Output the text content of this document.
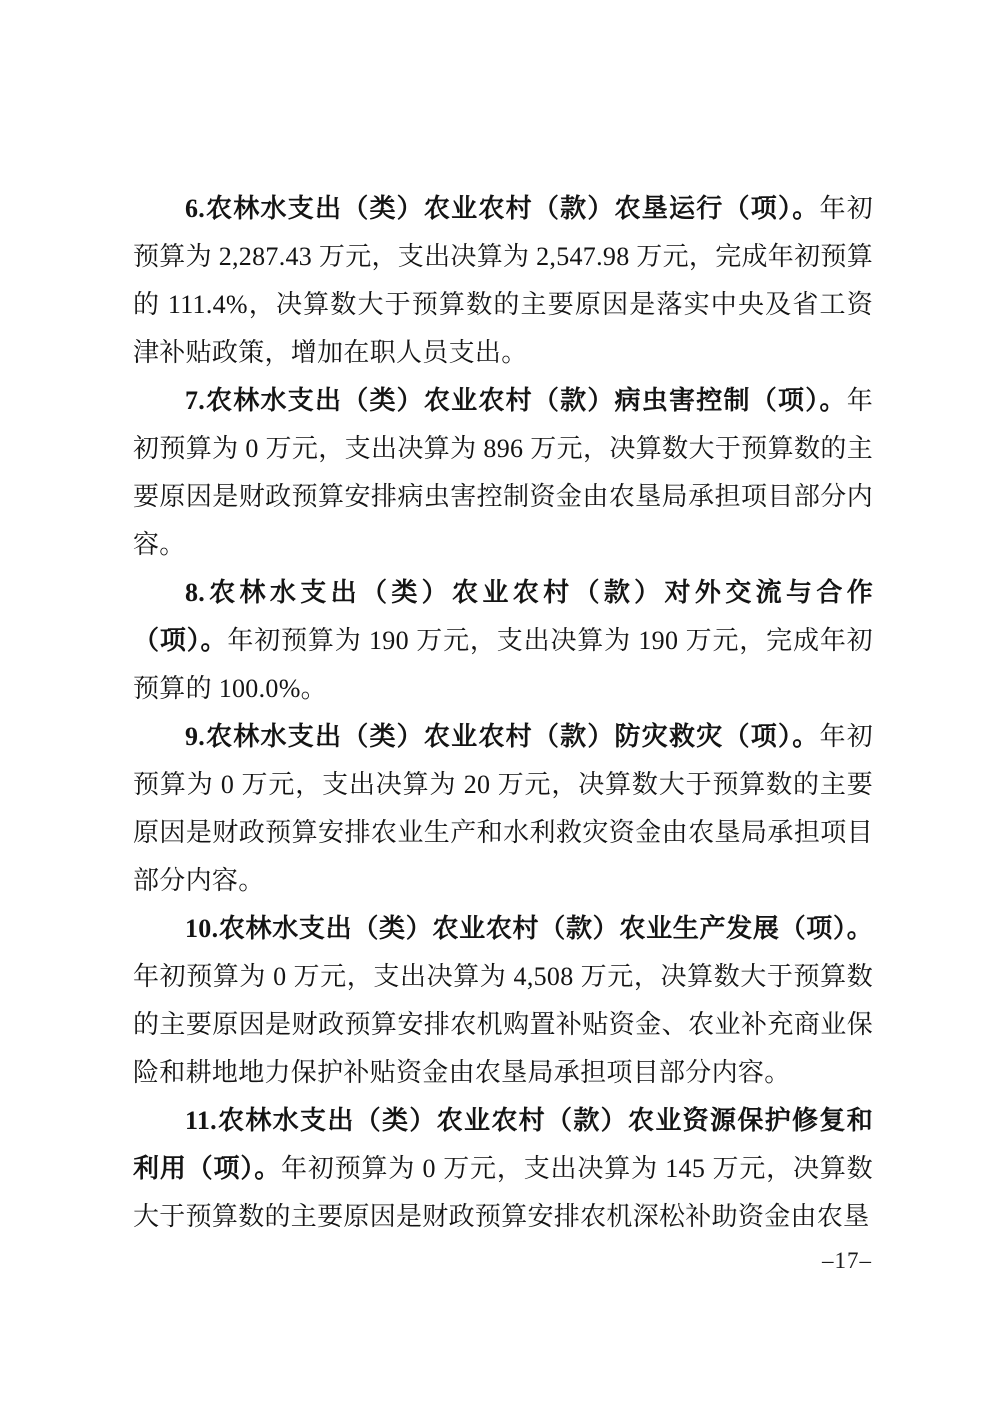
6.农林水支出（类）农业农村（款）农垦运行（项）。年初预算为 2,287.43 万元，支出决算为 2,547.98 万元，完成年初预算的 111.4%，决算数大于预算数的主要原因是落实中央及省工资津补贴政策，增加在职人员支出。

7.农林水支出（类）农业农村（款）病虫害控制（项）。年初预算为 0 万元，支出决算为 896 万元，决算数大于预算数的主要原因是财政预算安排病虫害控制资金由农垦局承担项目部分内容。

8.农林水支出（类）农业农村（款）对外交流与合作（项）。年初预算为 190 万元，支出决算为 190 万元，完成年初预算的 100.0%。

9.农林水支出（类）农业农村（款）防灾救灾（项）。年初预算为 0 万元，支出决算为 20 万元，决算数大于预算数的主要原因是财政预算安排农业生产和水利救灾资金由农垦局承担项目部分内容。

10.农林水支出（类）农业农村（款）农业生产发展（项）。年初预算为 0 万元，支出决算为 4,508 万元，决算数大于预算数的主要原因是财政预算安排农机购置补贴资金、农业补充商业保险和耕地地力保护补贴资金由农垦局承担项目部分内容。

11.农林水支出（类）农业农村（款）农业资源保护修复和利用（项）。年初预算为 0 万元，支出决算为 145 万元，决算数大于预算数的主要原因是财政预算安排农机深松补助资金由农垦

–17–
